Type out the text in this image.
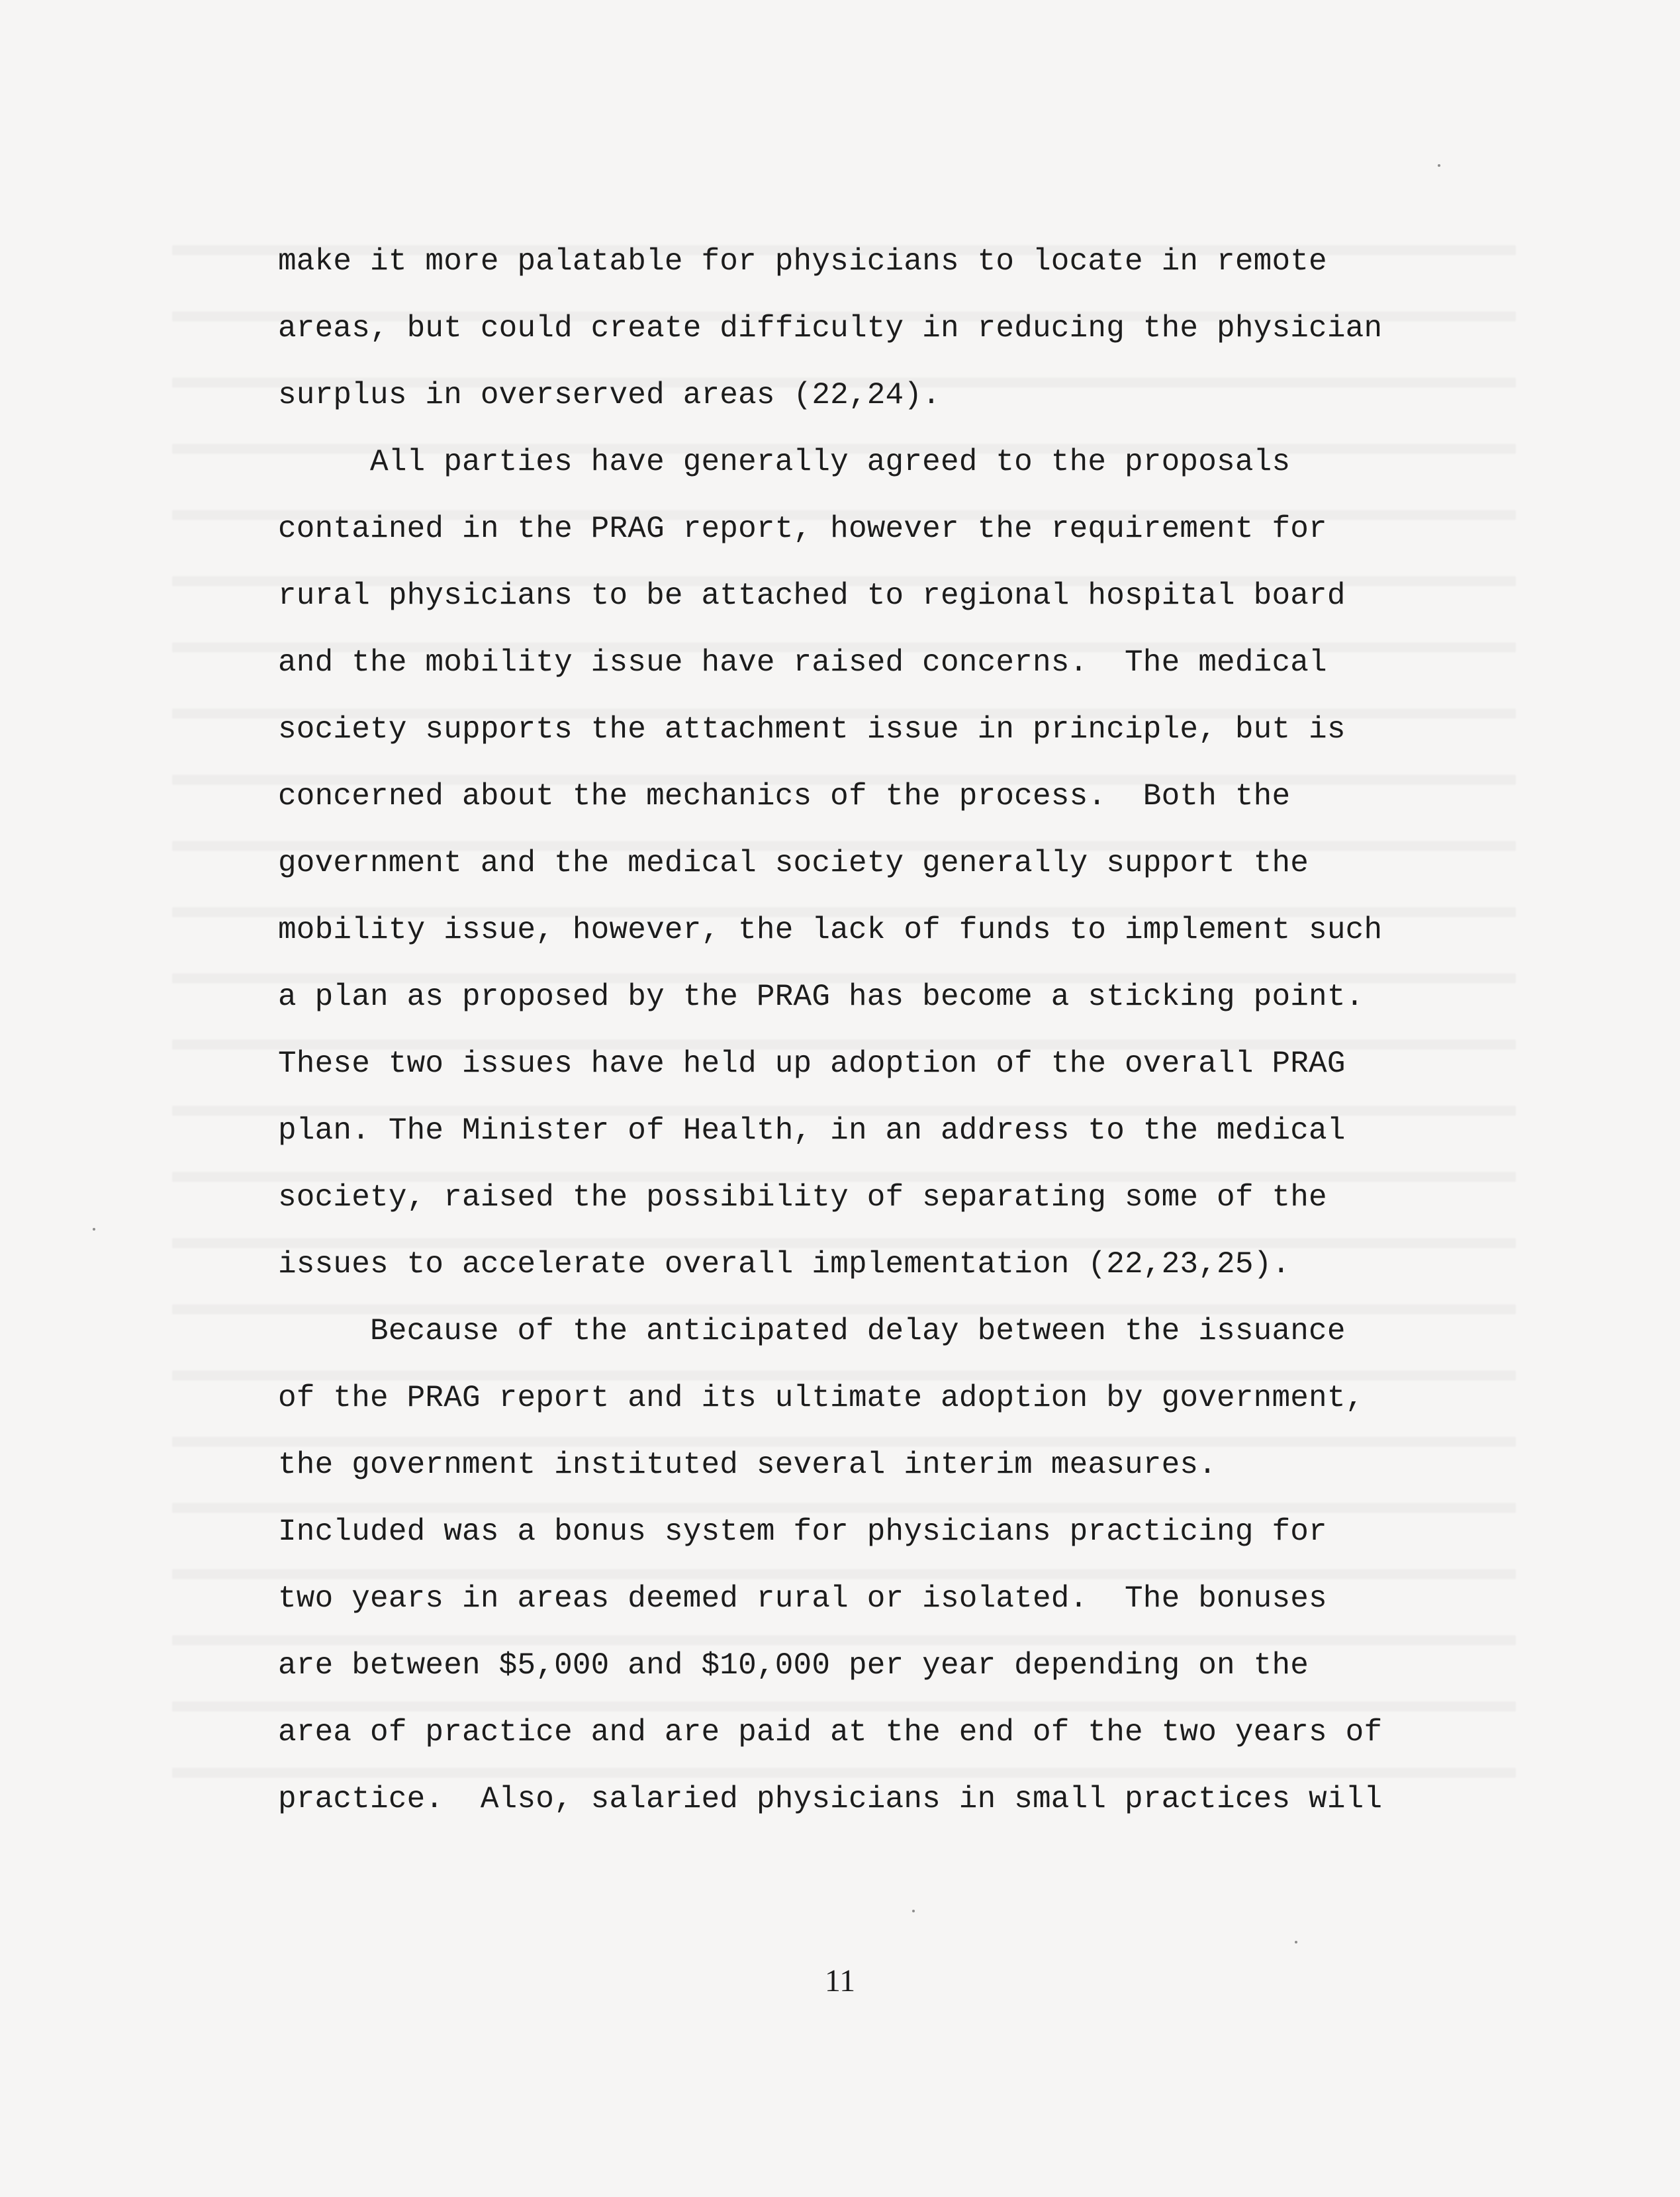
make it more palatable for physicians to locate in remote
areas, but could create difficulty in reducing the physician
surplus in overserved areas (22,24).
All parties have generally agreed to the proposals
contained in the PRAG report, however the requirement for
rural physicians to be attached to regional hospital board
and the mobility issue have raised concerns.  The medical
society supports the attachment issue in principle, but is
concerned about the mechanics of the process.  Both the
government and the medical society generally support the
mobility issue, however, the lack of funds to implement such
a plan as proposed by the PRAG has become a sticking point.
These two issues have held up adoption of the overall PRAG
plan. The Minister of Health, in an address to the medical
society, raised the possibility of separating some of the
issues to accelerate overall implementation (22,23,25).
Because of the anticipated delay between the issuance
of the PRAG report and its ultimate adoption by government,
the government instituted several interim measures.
Included was a bonus system for physicians practicing for
two years in areas deemed rural or isolated.  The bonuses
are between $5,000 and $10,000 per year depending on the
area of practice and are paid at the end of the two years of
practice.  Also, salaried physicians in small practices will
11
